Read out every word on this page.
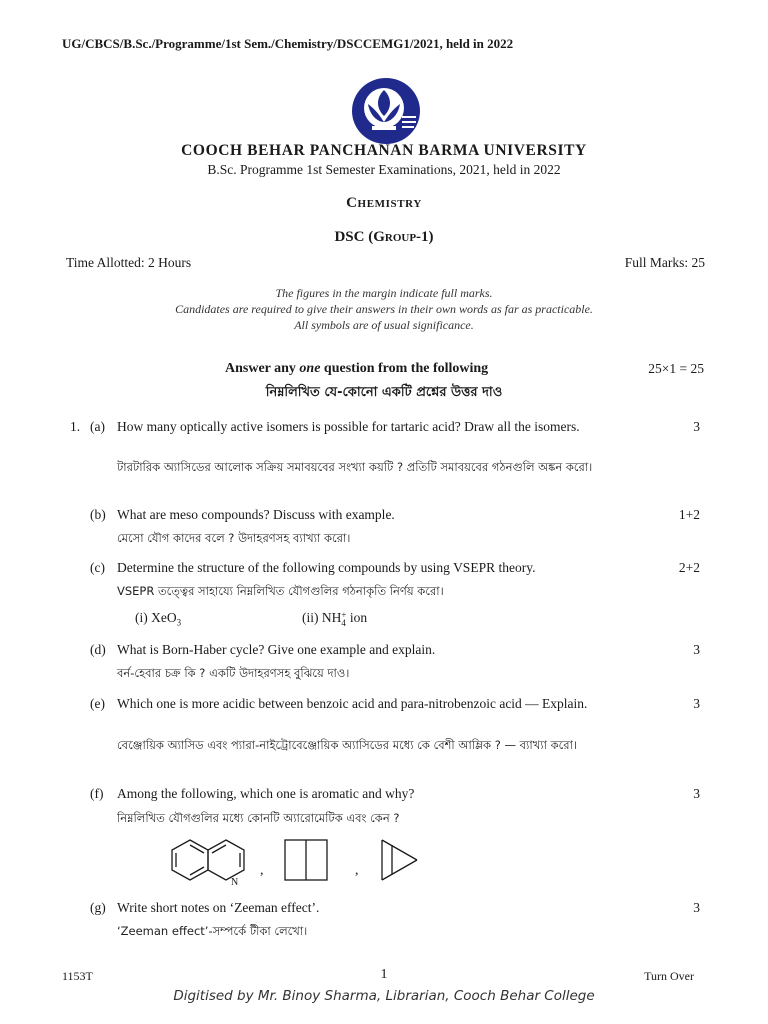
UG/CBCS/B.Sc./Programme/1st Sem./Chemistry/DSCCEMG1/2021, held in 2022
COOCH BEHAR PANCHANAN BARMA UNIVERSITY
B.Sc. Programme 1st Semester Examinations, 2021, held in 2022
Chemistry
DSC (Group-1)
Time Allotted: 2 Hours	Full Marks: 25
The figures in the margin indicate full marks.
Candidates are required to give their answers in their own words as far as practicable.
All symbols are of usual significance.
Answer any one question from the following	25×1 = 25
নিম্নলিখিত যে-কোনো একটি প্রশ্নের উত্তর দাও
1. (a) How many optically active isomers is possible for tartaric acid? Draw all the isomers.
টারটারিক অ্যাসিডের আলোক সক্রিয় সমাবয়বের সংখ্যা কয়টি ? প্রতিটি সমাবয়বের গঠনগুলি অঙ্কন করো।
3
(b) What are meso compounds? Discuss with example.
মেসো যৌগ কাদের বলে ? উদাহরণসহ ব্যাখ্যা করো।
1+2
(c) Determine the structure of the following compounds by using VSEPR theory.
VSEPR তত্ত্বের সাহায্যে নিম্নলিখিত যৌগগুলির গঠনাকৃতি নির্ণয় করো।
2+2
(i) XeO$_3$	(ii) NH+
4 ion
(d) What is Born-Haber cycle? Give one example and explain.
বর্ন-হেবার চক্র কি ? একটি উদাহরণসহ বুঝিয়ে দাও।
3
(e) Which one is more acidic between benzoic acid and para-nitrobenzoic acid — Explain.
বেঞ্জোয়িক অ্যাসিড এবং প্যারা-নাইট্রোবেঞ্জোয়িক অ্যাসিডের মধ্যে কে বেশী আম্লিক ? — ব্যাখ্যা করো।
3
(f) Among the following, which one is aromatic and why?
নিম্নলিখিত যৌগগুলির মধ্যে কোনটি অ্যারোমেটিক এবং কেন ?
3
N
,	,
(g) Write short notes on ‘Zeeman effect’.
‘Zeeman effect’-সম্পর্কে টীকা লেখো।
3
1153T	1	Turn Over
Digitised by Mr. Binoy Sharma, Librarian, Cooch Behar College
